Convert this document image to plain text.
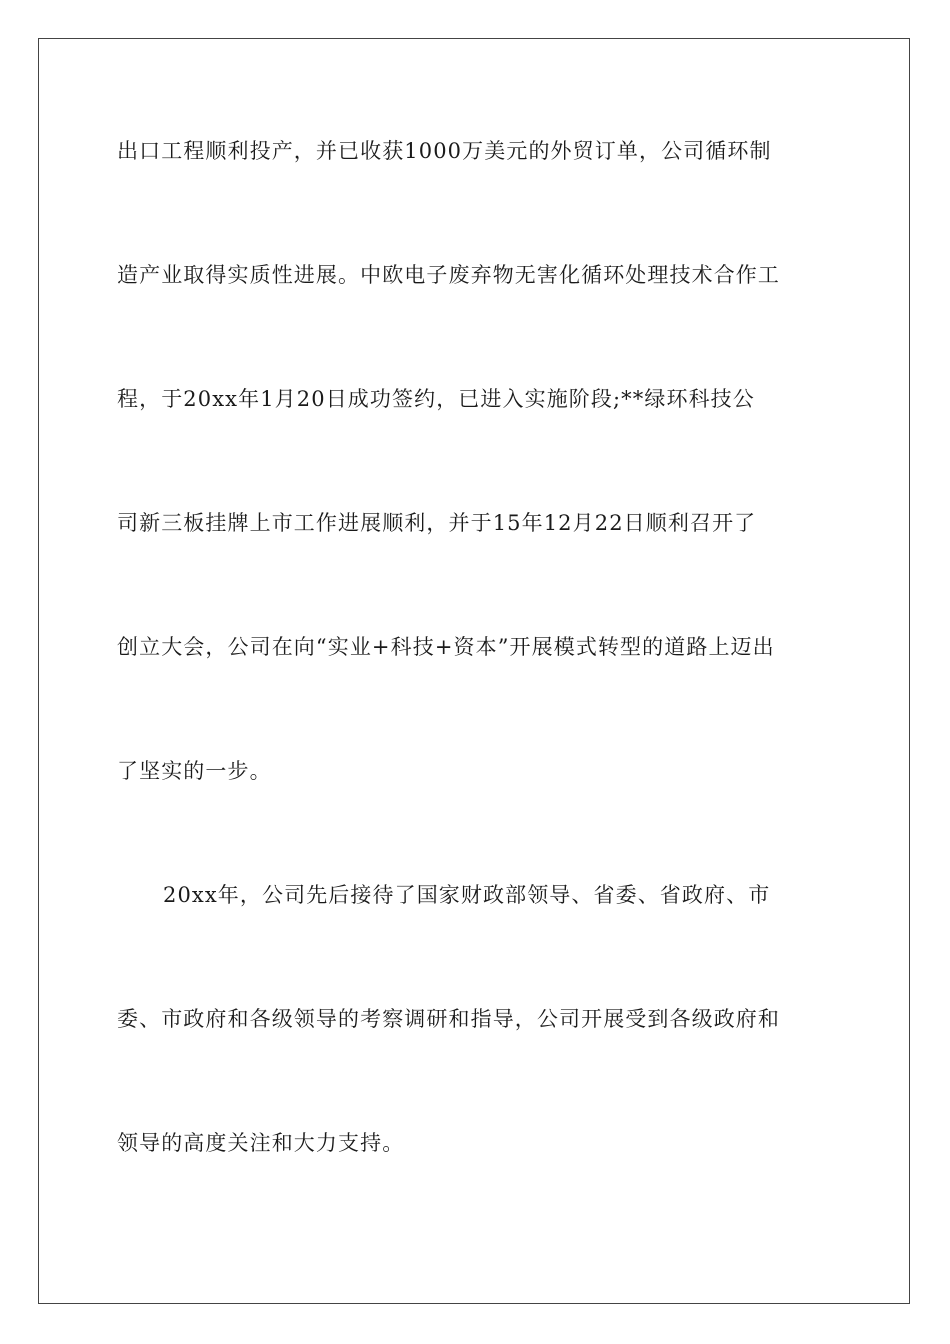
出口工程顺利投产，并已收获1000万美元的外贸订单，公司循环制
造产业取得实质性进展。中欧电子废弃物无害化循环处理技术合作工
程，于20xx年1月20日成功签约，已进入实施阶段;**绿环科技公
司新三板挂牌上市工作进展顺利，并于15年12月22日顺利召开了
创立大会，公司在向“实业+科技+资本”开展模式转型的道路上迈出
了坚实的一步。
20xx年，公司先后接待了国家财政部领导、省委、省政府、市
委、市政府和各级领导的考察调研和指导，公司开展受到各级政府和
领导的高度关注和大力支持。
